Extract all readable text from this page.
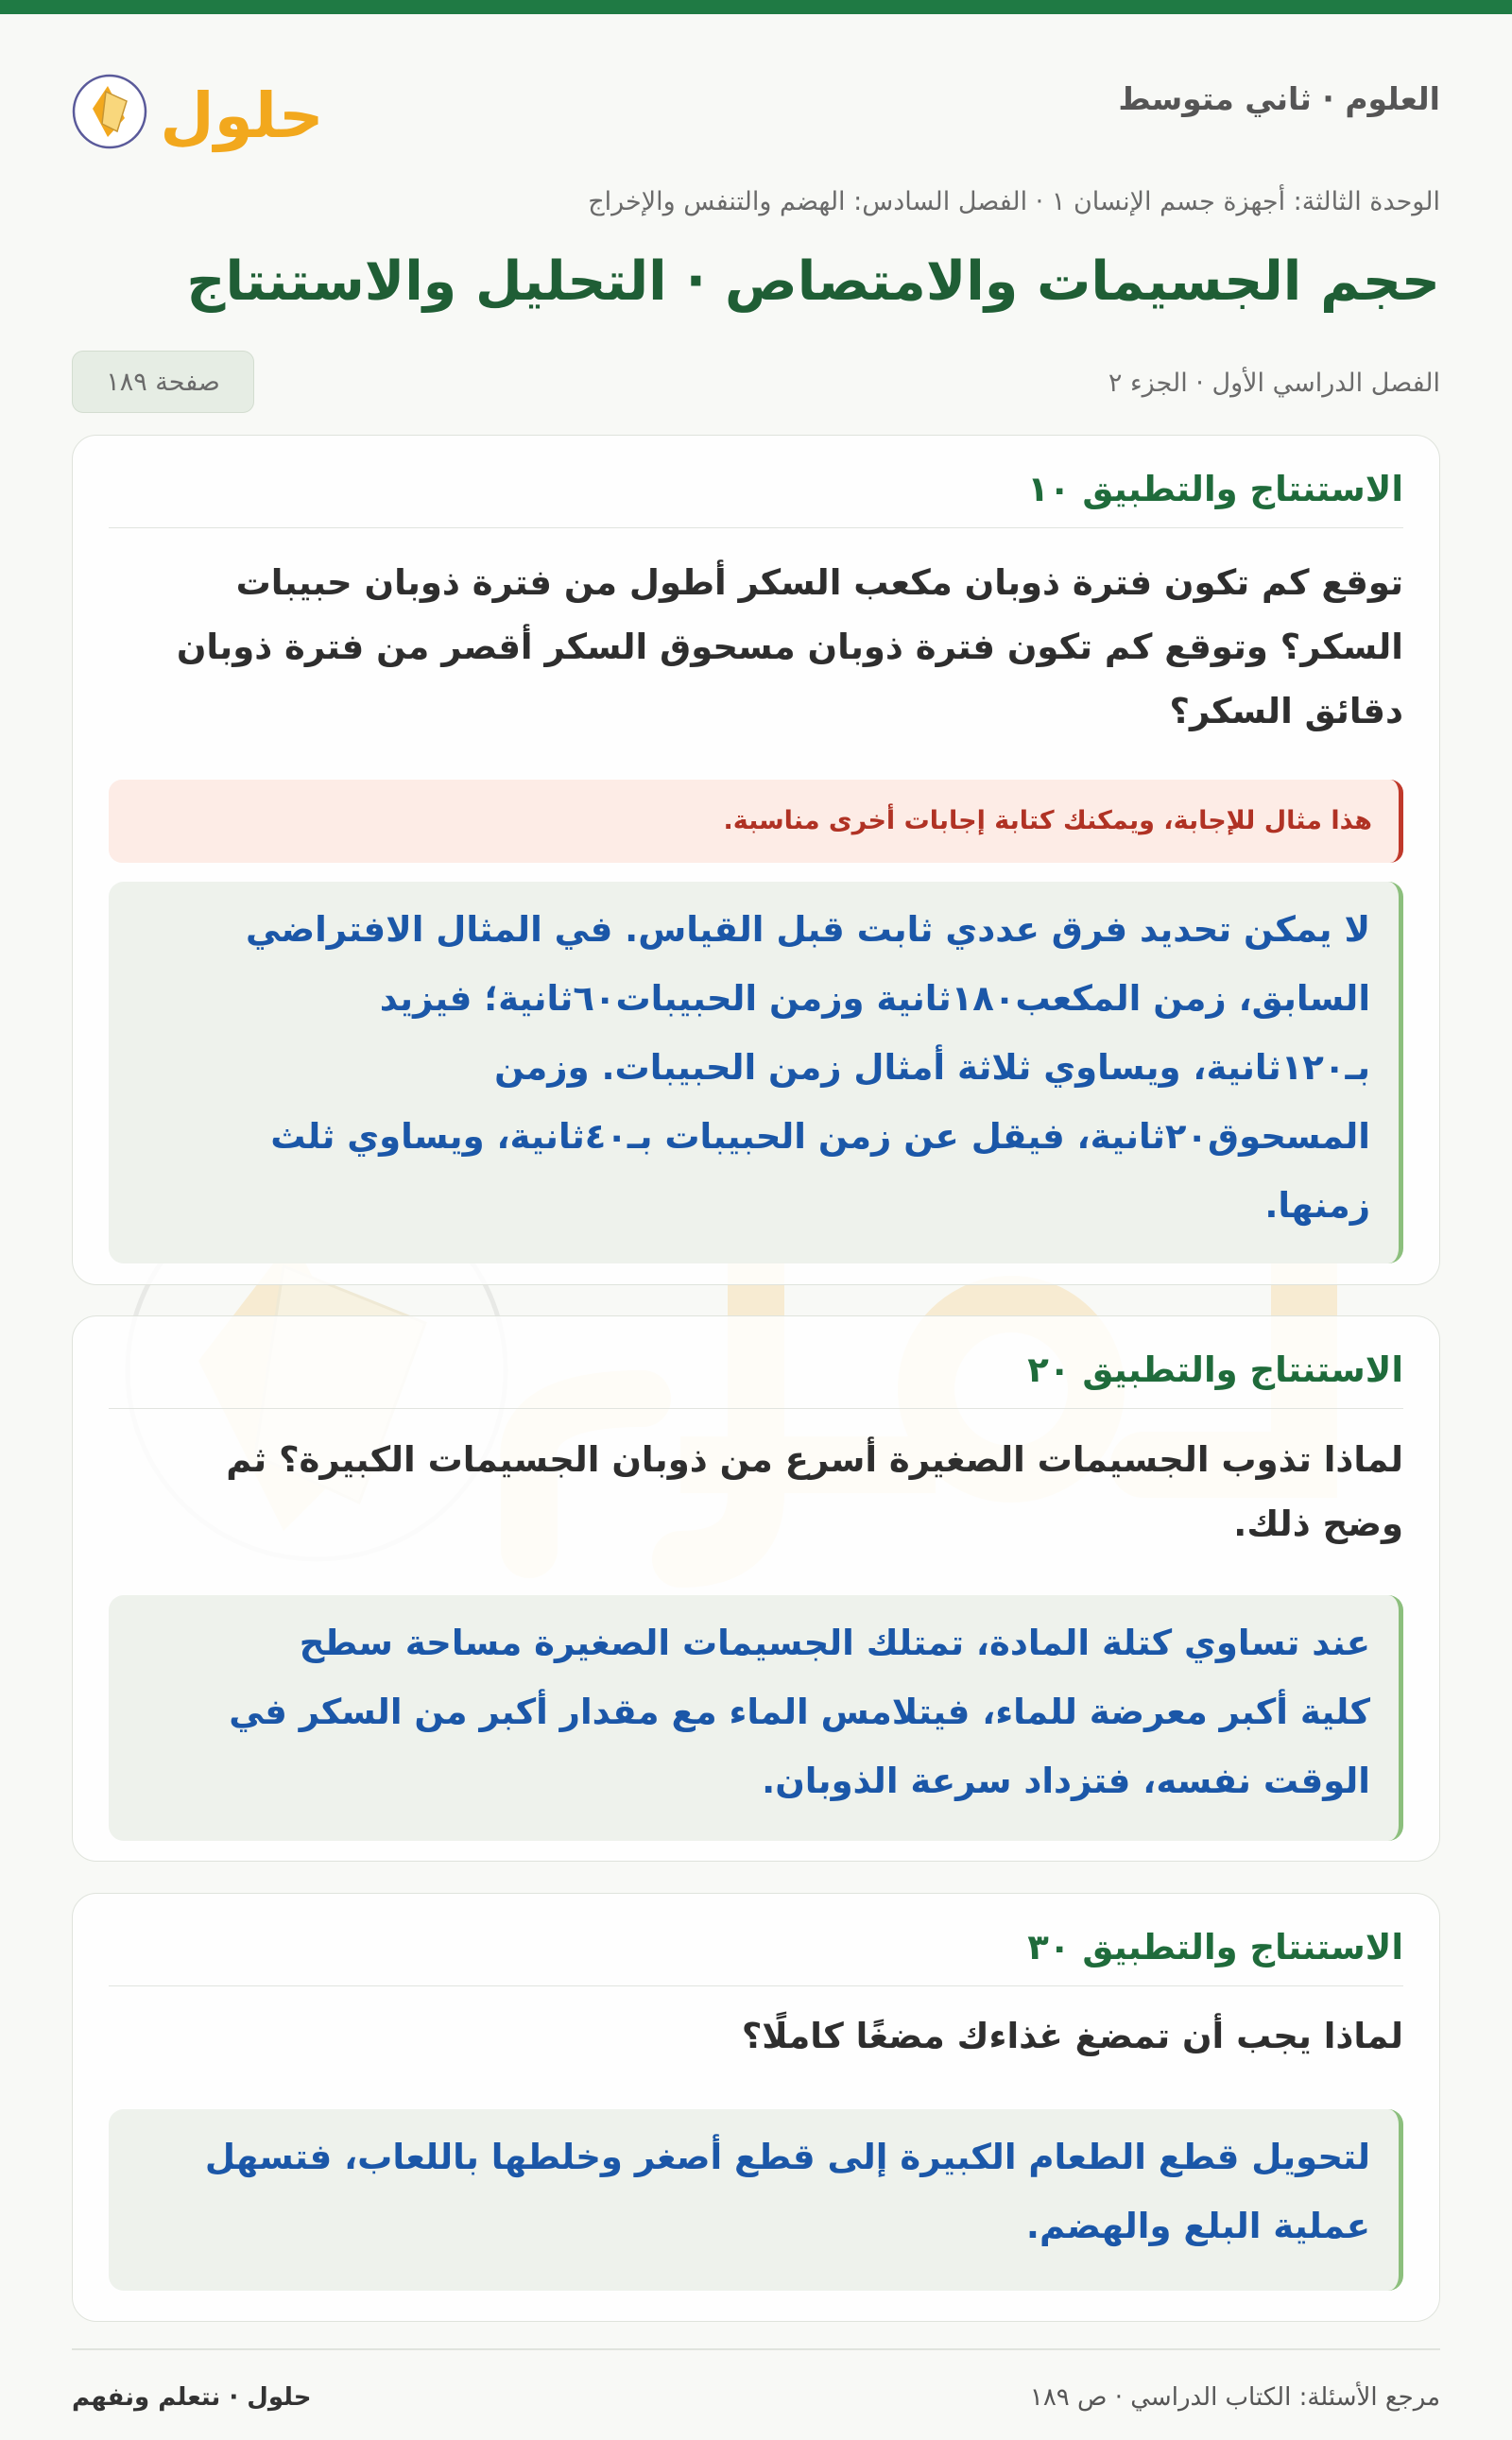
العلوم · ثاني متوسط
حلول
الوحدة الثالثة: أجهزة جسم الإنسان ١ · الفصل السادس: الهضم والتنفس والإخراج
حجم الجسيمات والامتصاص · التحليل والاستنتاج
الفصل الدراسي الأول · الجزء ٢
صفحة ١٨٩
الاستنتاج والتطبيق ١٠
توقع كم تكون فترة ذوبان مكعب السكر أطول من فترة ذوبان حبيبات
السكر؟ وتوقع كم تكون فترة ذوبان مسحوق السكر أقصر من فترة ذوبان
دقائق السكر؟
هذا مثال للإجابة، ويمكنك كتابة إجابات أخرى مناسبة.
لا يمكن تحديد فرق عددي ثابت قبل القياس. في المثال الافتراضي
السابق، زمن المكعب١٨٠ثانية وزمن الحبيبات٦٠ثانية؛ فيزيد
بـ١٢٠ثانية، ويساوي ثلاثة أمثال زمن الحبيبات. وزمن
المسحوق٢٠ثانية، فيقل عن زمن الحبيبات بـ٤٠ثانية، ويساوي ثلث
زمنها.
الاستنتاج والتطبيق ٢٠
لماذا تذوب الجسيمات الصغيرة أسرع من ذوبان الجسيمات الكبيرة؟ ثم
وضح ذلك.
عند تساوي كتلة المادة، تمتلك الجسيمات الصغيرة مساحة سطح
كلية أكبر معرضة للماء، فيتلامس الماء مع مقدار أكبر من السكر في
الوقت نفسه، فتزداد سرعة الذوبان.
الاستنتاج والتطبيق ٣٠
لماذا يجب أن تمضغ غذاءك مضغًا كاملًا؟
لتحويل قطع الطعام الكبيرة إلى قطع أصغر وخلطها باللعاب، فتسهل
عملية البلع والهضم.
مرجع الأسئلة: الكتاب الدراسي · ص ١٨٩
حلول · نتعلم ونفهم
